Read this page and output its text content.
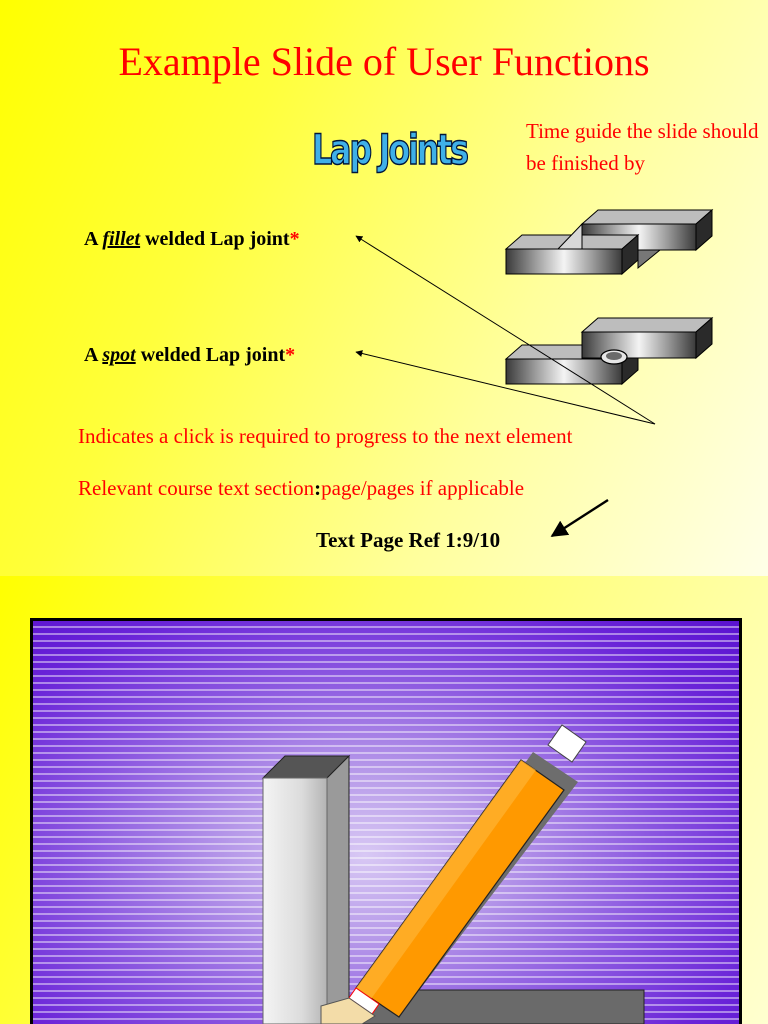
Example Slide of User Functions
Lap Joints	Time guide the slide should be finished by
A fillet welded Lap joint*
A spot welded Lap joint*
Indicates a click is required to progress to the next element
Relevant course text section:page/pages if applicable
Text Page Ref 1:9/10
